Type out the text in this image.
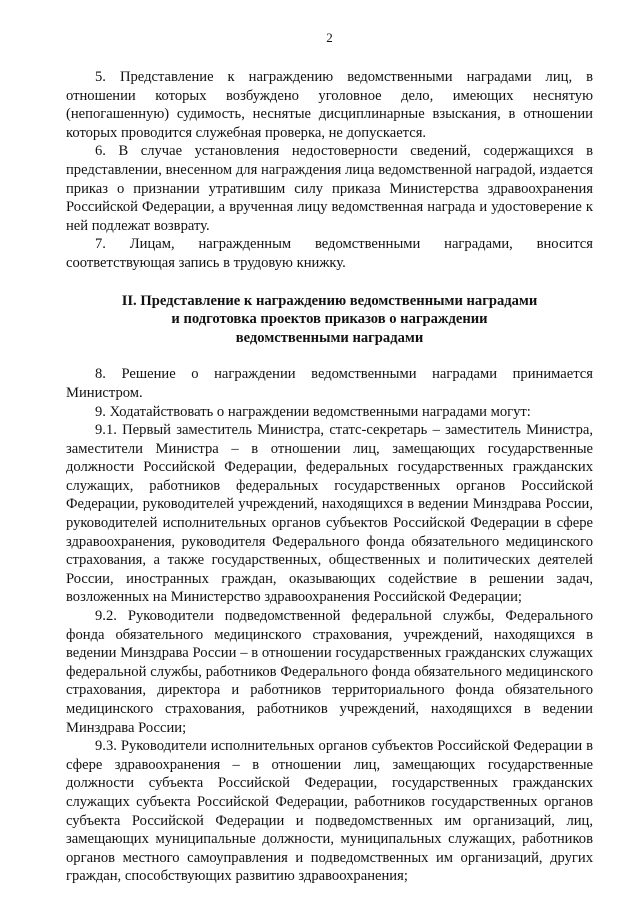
2

5. Представление к награждению ведомственными наградами лиц, в отношении которых возбуждено уголовное дело, имеющих неснятую (непогашенную) судимость, неснятые дисциплинарные взыскания, в отношении которых проводится служебная проверка, не допускается.

6. В случае установления недостоверности сведений, содержащихся в представлении, внесенном для награждения лица ведомственной наградой, издается приказ о признании утратившим силу приказа Министерства здравоохранения Российской Федерации, а врученная лицу ведомственная награда и удостоверение к ней подлежат возврату.

7. Лицам, награжденным ведомственными наградами, вносится соответствующая запись в трудовую книжку.

II. Представление к награждению ведомственными наградами
и подготовка проектов приказов о награждении
ведомственными наградами

8. Решение о награждении ведомственными наградами принимается Министром.

9. Ходатайствовать о награждении ведомственными наградами могут:

9.1. Первый заместитель Министра, статс-секретарь – заместитель Министра, заместители Министра – в отношении лиц, замещающих государственные должности Российской Федерации, федеральных государственных гражданских служащих, работников федеральных государственных органов Российской Федерации, руководителей учреждений, находящихся в ведении Минздрава России, руководителей исполнительных органов субъектов Российской Федерации в сфере здравоохранения, руководителя Федерального фонда обязательного медицинского страхования, а также государственных, общественных и политических деятелей России, иностранных граждан, оказывающих содействие в решении задач, возложенных на Министерство здравоохранения Российской Федерации;

9.2. Руководители подведомственной федеральной службы, Федерального фонда обязательного медицинского страхования, учреждений, находящихся в ведении Минздрава России – в отношении государственных гражданских служащих федеральной службы, работников Федерального фонда обязательного медицинского страхования, директора и работников территориального фонда обязательного медицинского страхования, работников учреждений, находящихся в ведении Минздрава России;

9.3. Руководители исполнительных органов субъектов Российской Федерации в сфере здравоохранения – в отношении лиц, замещающих государственные должности субъекта Российской Федерации, государственных гражданских служащих субъекта Российской Федерации, работников государственных органов субъекта Российской Федерации и подведомственных им организаций, лиц, замещающих муниципальные должности, муниципальных служащих, работников органов местного самоуправления и подведомственных им организаций, других граждан, способствующих развитию здравоохранения;
